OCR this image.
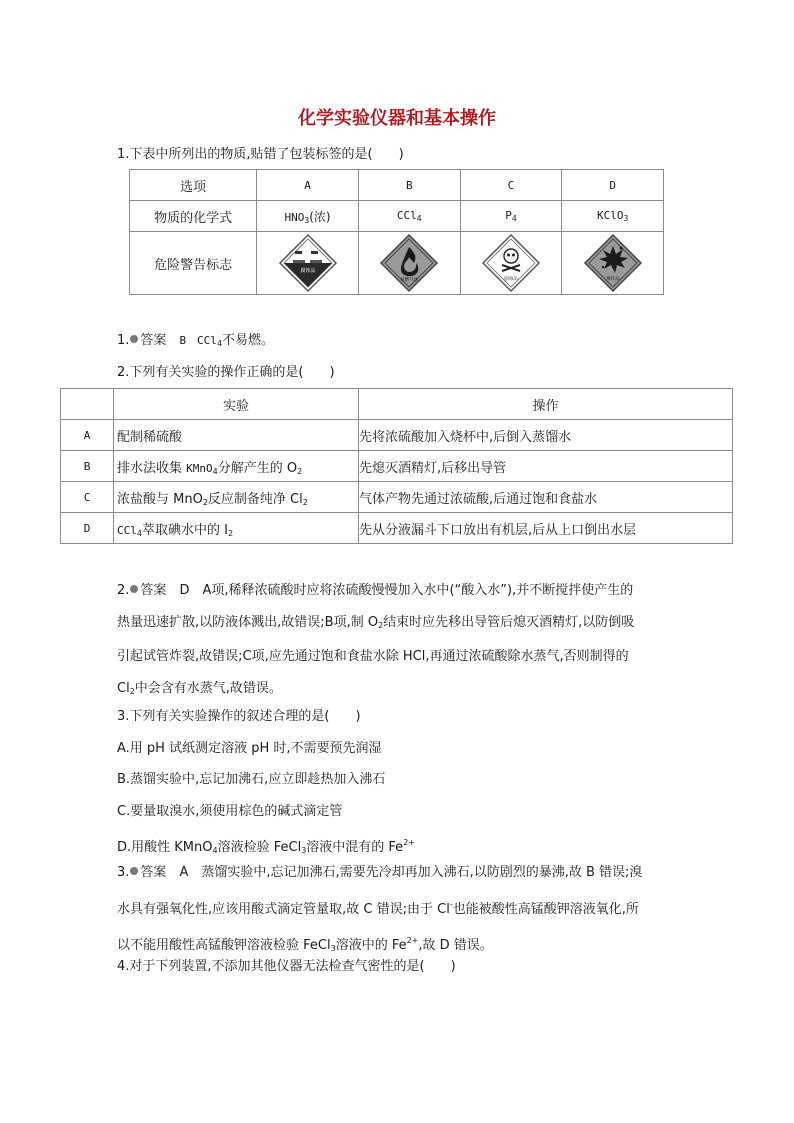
化学实验仪器和基本操作
1.下表中所列出的物质,贴错了包装标签的是(　　)
选项	A	B	C	D
物质的化学式	$HNO_3$(浓)	CCl$_4$	$P_4$	KClO$_3$
危险警告标志	腐蚀品	易燃气体	剧毒品	爆炸品
1. 答案　 B　CCl$_4$不易燃。
2.下列有关实验的操作正确的是(　　)
	实验	操作
A	配制稀硫酸	先将浓硫酸加入烧杯中,后倒入蒸馏水
B	排水法收集 KMnO$_4$分解产生的 $O_2$	先熄灭酒精灯,后移出导管
C	浓盐酸与 MnO$_2$反应制备纯净 $Cl_2$	气体产物先通过浓硫酸,后通过饱和食盐水
D	CCl$_4$萃取碘水中的 $I_2$	先从分液漏斗下口放出有机层,后从上口倒出水层
2. 答案　 D　A项,稀释浓硫酸时应将浓硫酸慢慢加入水中(“酸入水”),并不断搅拌使产生的
热量迅速扩散,以防液体溅出,故错误;B项,制 $O_2$结束时应先移出导管后熄灭酒精灯,以防倒吸
引起试管炸裂,故错误;C项,应先通过饱和食盐水除 HCl,再通过浓硫酸除水蒸气,否则制得的
$Cl_2$中会含有水蒸气,故错误。
3.下列有关实验操作的叙述合理的是(　　)
A.用 pH 试纸测定溶液 pH 时,不需要预先润湿
B.蒸馏实验中,忘记加沸石,应立即趁热加入沸石
C.要量取溴水,须使用棕色的碱式滴定管
D.用酸性 KMnO$_4$溶液检验 FeCl$_3$溶液中混有的 $Fe^{2+}$
3. 答案　 A　蒸馏实验中,忘记加沸石,需要先冷却再加入沸石,以防剧烈的暴沸,故 B 错误;溴
水具有强氧化性,应该用酸式滴定管量取,故 C 错误;由于 Cl-也能被酸性高锰酸钾溶液氧化,所
以不能用酸性高锰酸钾溶液检验 FeCl$_3$溶液中的 $Fe^{2+}$,故 D 错误。
4.对于下列装置,不添加其他仪器无法检查气密性的是(　　)
